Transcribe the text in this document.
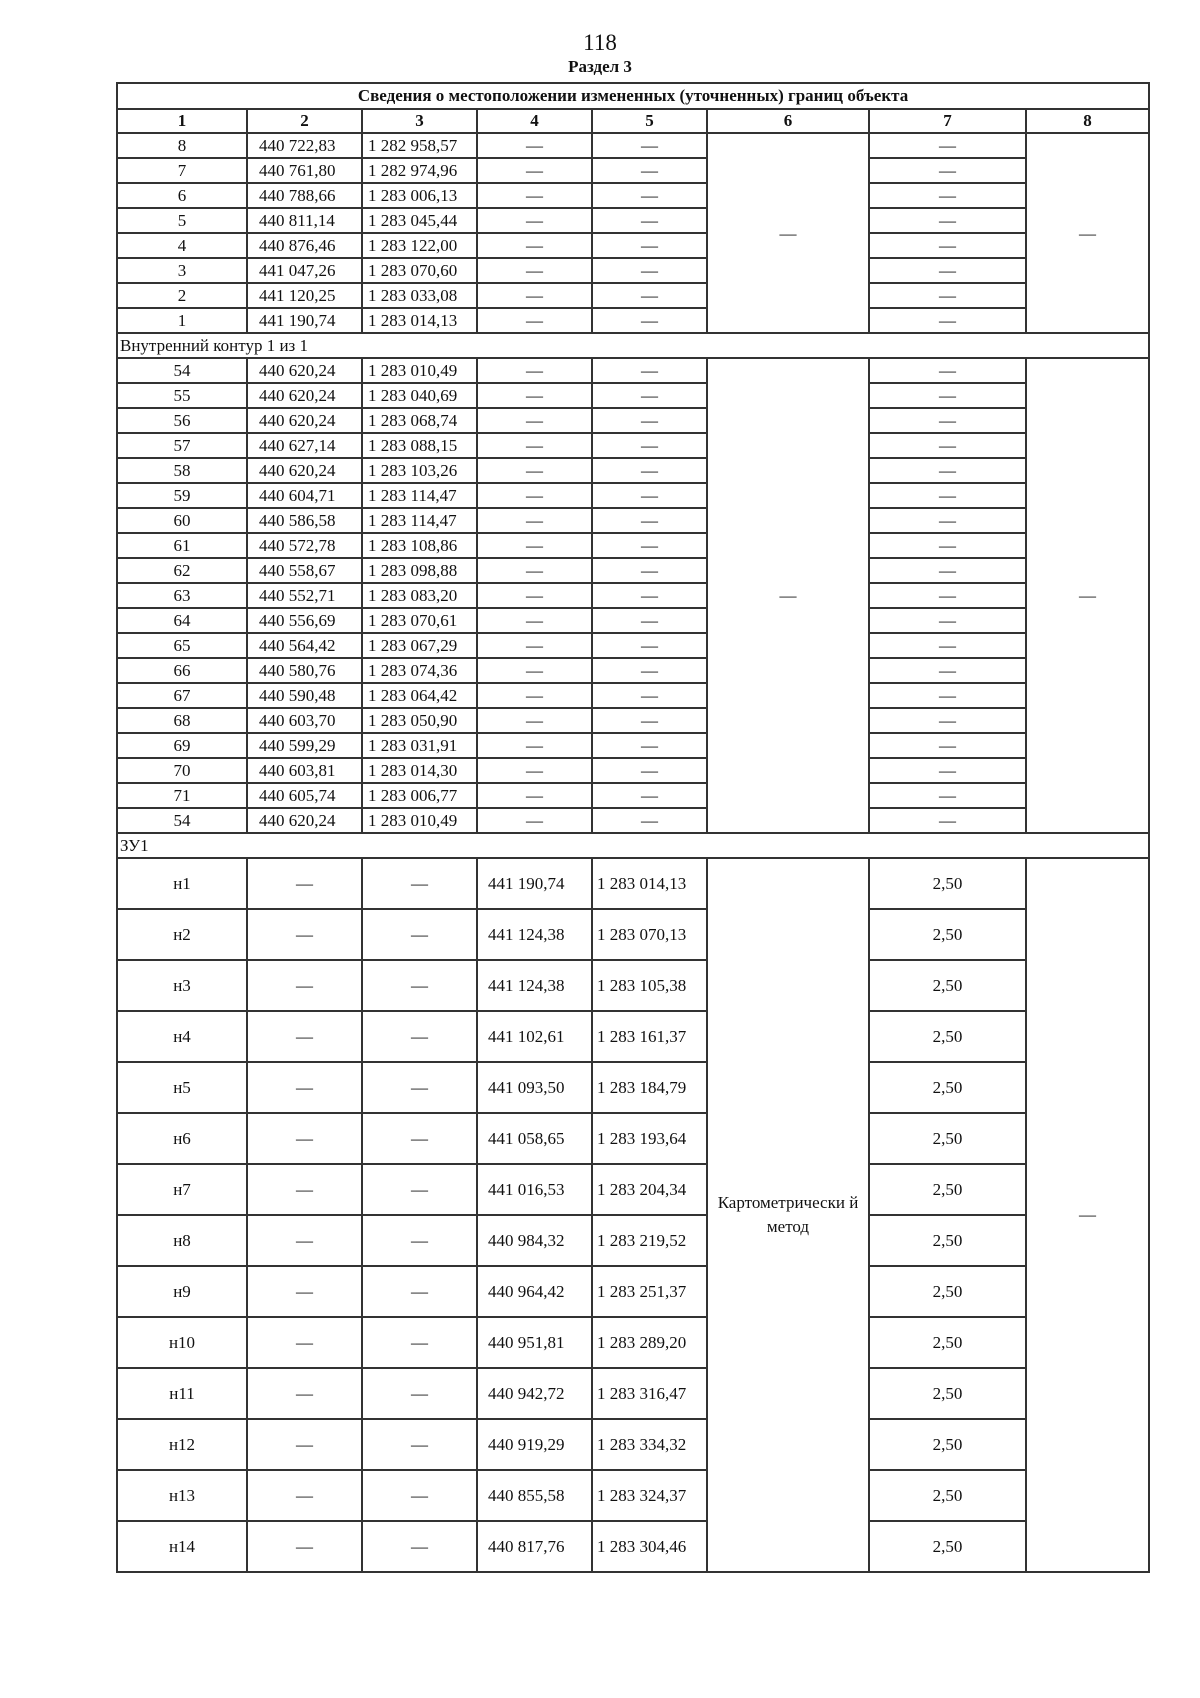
118
Раздел 3
Сведения о местоположении измененных (уточненных) границ объекта							
1	2	3	4	5	6	7	8
8	440 722,83	1 282 958,57	—	—	—	—	—
7	440 761,80	1 282 974,96	—	—		—	
6	440 788,66	1 283 006,13	—	—		—	
5	440 811,14	1 283 045,44	—	—		—	
4	440 876,46	1 283 122,00	—	—		—	
3	441 047,26	1 283 070,60	—	—		—	
2	441 120,25	1 283 033,08	—	—		—	
1	441 190,74	1 283 014,13	—	—		—	
Внутренний контур 1 из 1							
54	440 620,24	1 283 010,49	—	—	—	—	—
55	440 620,24	1 283 040,69	—	—		—	
56	440 620,24	1 283 068,74	—	—		—	
57	440 627,14	1 283 088,15	—	—		—	
58	440 620,24	1 283 103,26	—	—		—	
59	440 604,71	1 283 114,47	—	—		—	
60	440 586,58	1 283 114,47	—	—		—	
61	440 572,78	1 283 108,86	—	—		—	
62	440 558,67	1 283 098,88	—	—		—	
63	440 552,71	1 283 083,20	—	—		—	
64	440 556,69	1 283 070,61	—	—		—	
65	440 564,42	1 283 067,29	—	—		—	
66	440 580,76	1 283 074,36	—	—		—	
67	440 590,48	1 283 064,42	—	—		—	
68	440 603,70	1 283 050,90	—	—		—	
69	440 599,29	1 283 031,91	—	—		—	
70	440 603,81	1 283 014,30	—	—		—	
71	440 605,74	1 283 006,77	—	—		—	
54	440 620,24	1 283 010,49	—	—		—	
ЗУ1							
н1	—	—	441 190,74	1 283 014,13	Картометрически й метод	2,50	—
н2	—	—	441 124,38	1 283 070,13		2,50	
н3	—	—	441 124,38	1 283 105,38		2,50	
н4	—	—	441 102,61	1 283 161,37		2,50	
н5	—	—	441 093,50	1 283 184,79		2,50	
н6	—	—	441 058,65	1 283 193,64		2,50	
н7	—	—	441 016,53	1 283 204,34		2,50	
н8	—	—	440 984,32	1 283 219,52		2,50	
н9	—	—	440 964,42	1 283 251,37		2,50	
н10	—	—	440 951,81	1 283 289,20		2,50	
н11	—	—	440 942,72	1 283 316,47		2,50	
н12	—	—	440 919,29	1 283 334,32		2,50	
н13	—	—	440 855,58	1 283 324,37		2,50	
н14	—	—	440 817,76	1 283 304,46		2,50	
